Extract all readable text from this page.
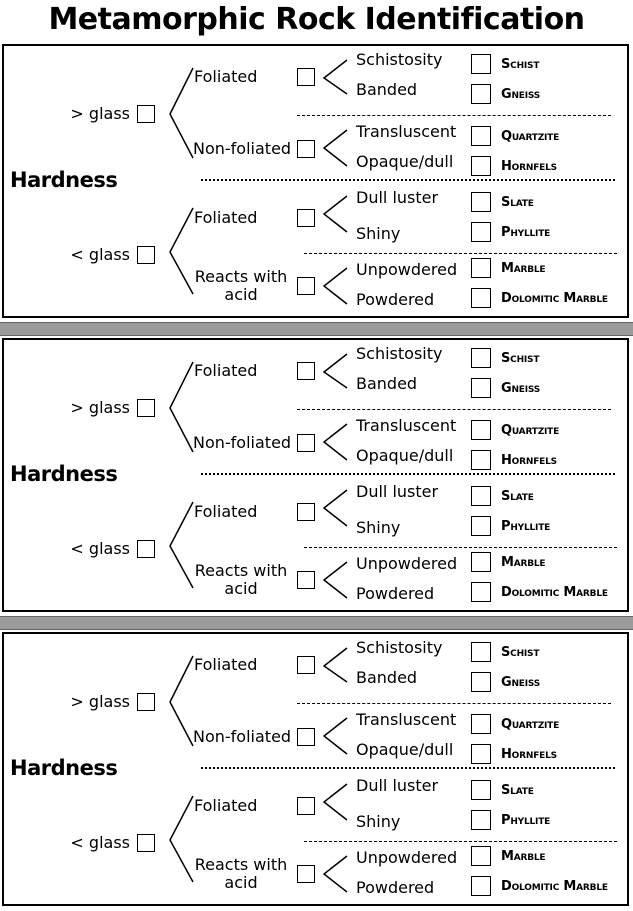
Metamorphic Rock Identification
Hardness
> glass
Foliated
Non-foliated
Schistosity
Banded
Transluscent
Opaque/dull
Schist
Gneiss
Quartzite
Hornfels
< glass
Foliated
Reacts with
acid
Dull luster
Shiny
Unpowdered
Powdered
Slate
Phyllite
Marble
Dolomitic Marble
Hardness
> glass
Foliated
Non-foliated
Schistosity
Banded
Transluscent
Opaque/dull
Schist
Gneiss
Quartzite
Hornfels
< glass
Foliated
Reacts with
acid
Dull luster
Shiny
Unpowdered
Powdered
Slate
Phyllite
Marble
Dolomitic Marble
Hardness
> glass
Foliated
Non-foliated
Schistosity
Banded
Transluscent
Opaque/dull
Schist
Gneiss
Quartzite
Hornfels
< glass
Foliated
Reacts with
acid
Dull luster
Shiny
Unpowdered
Powdered
Slate
Phyllite
Marble
Dolomitic Marble
